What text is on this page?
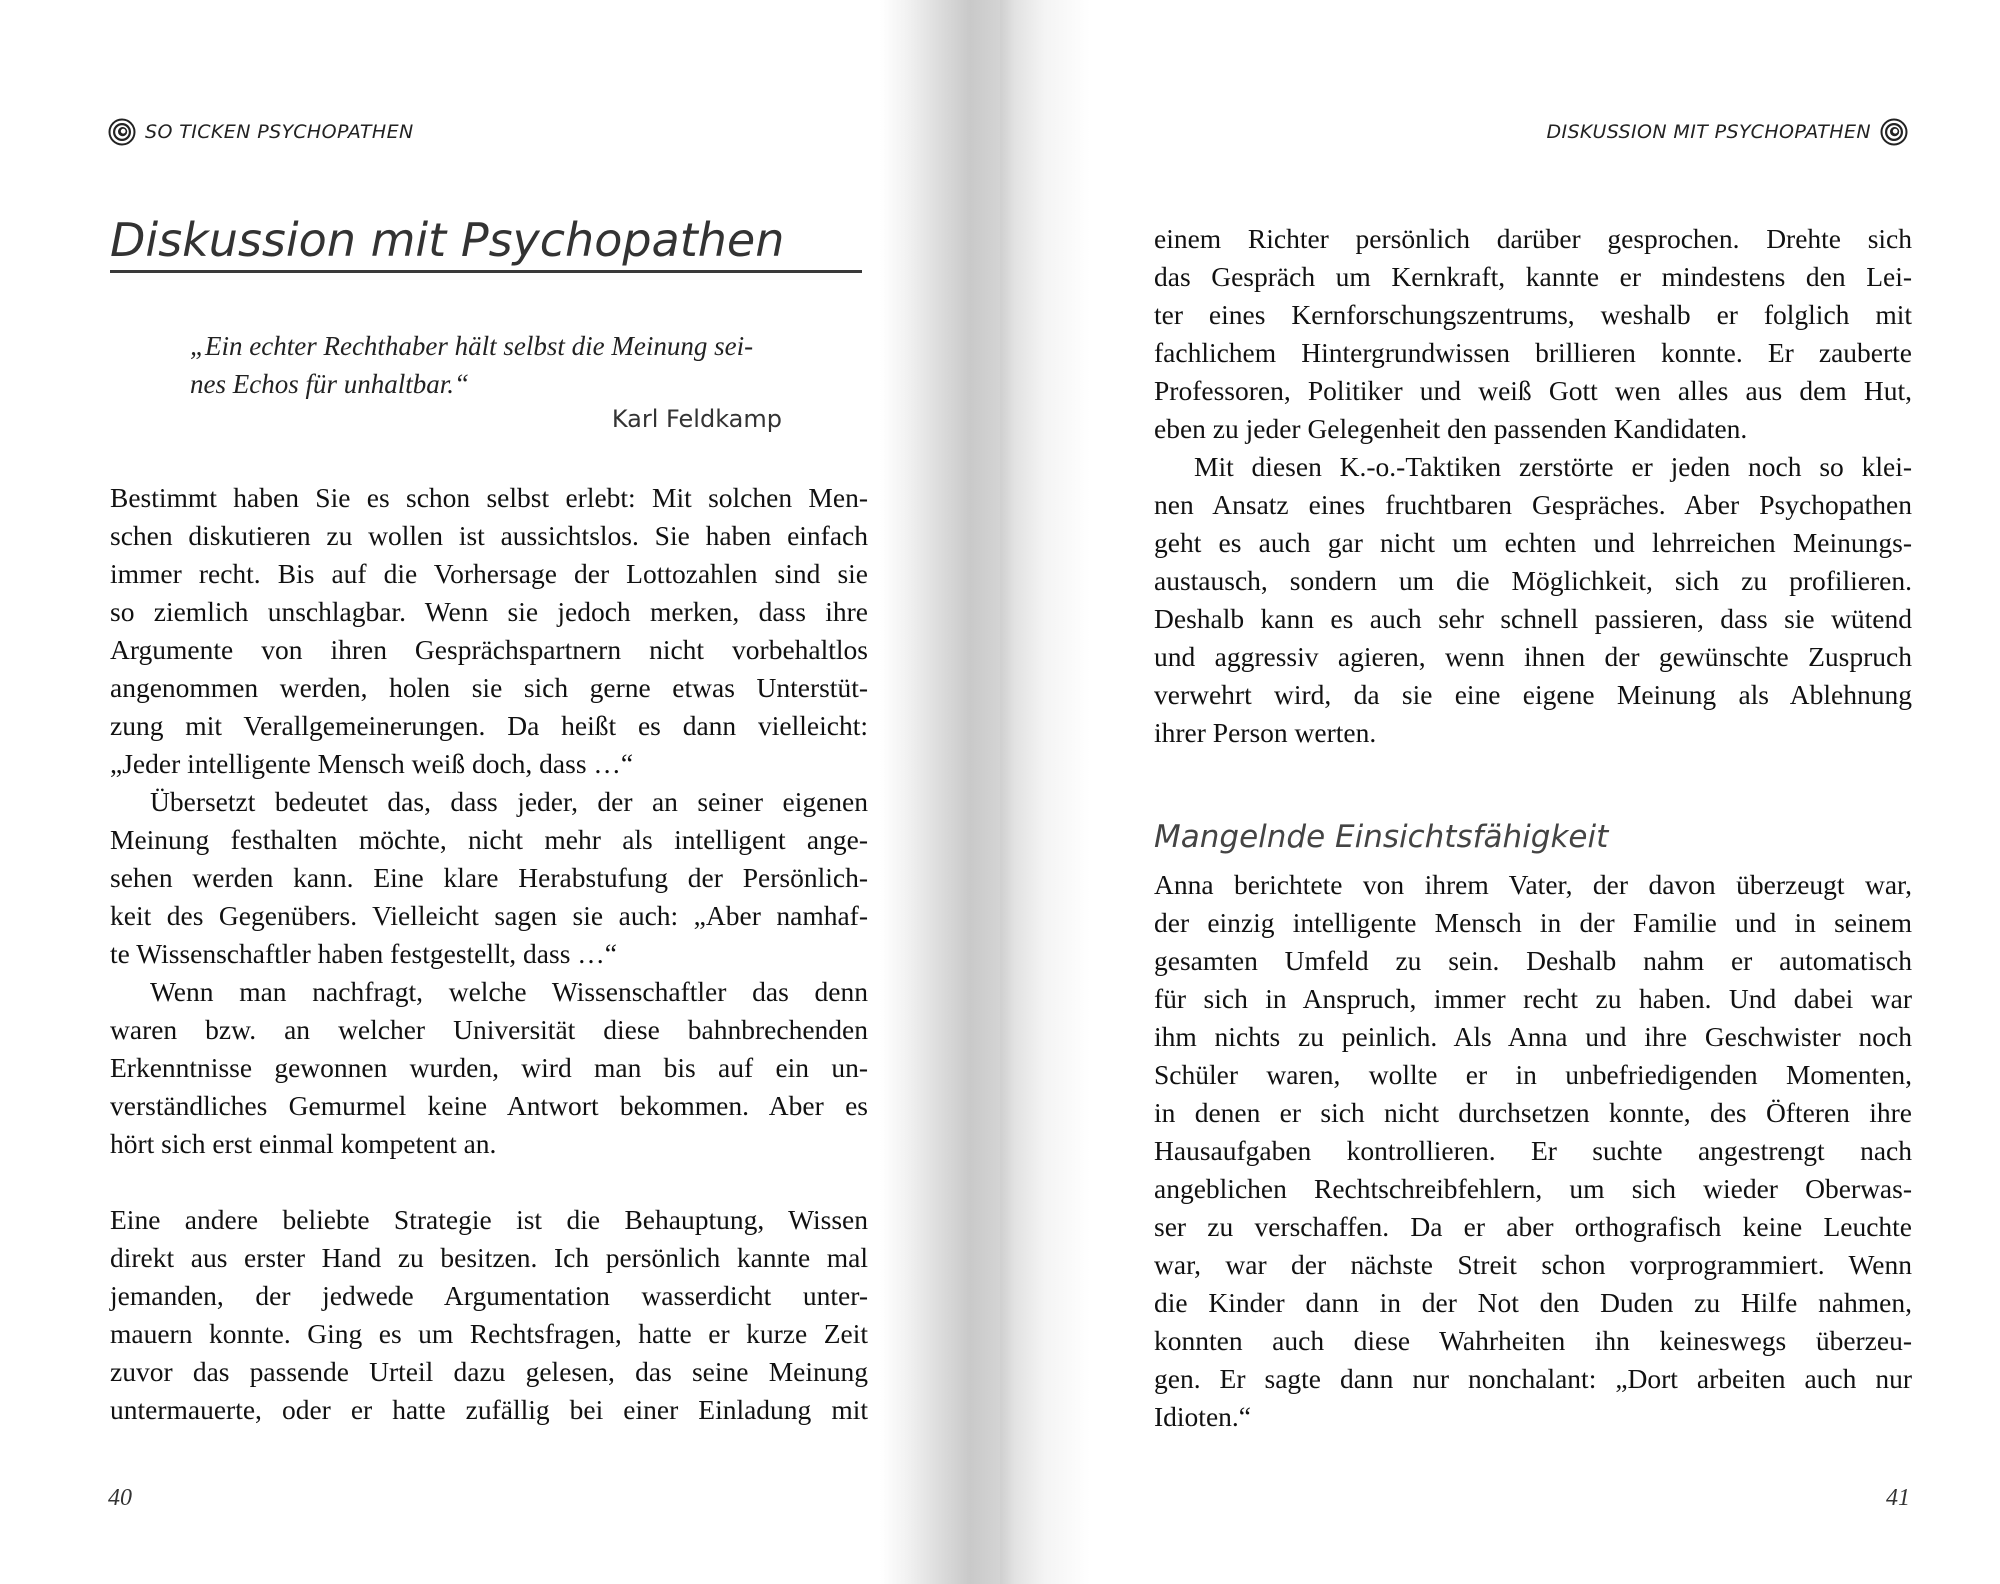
SO TICKEN PSYCHOPATHEN
Diskussion mit Psychopathen

„Ein echter Rechthaber hält selbst die Meinung sei-

nes Echos für unhaltbar.“

Karl Feldkamp
Bestimmt haben Sie es schon selbst erlebt: Mit solchen Men-
schen diskutieren zu wollen ist aussichtslos. Sie haben einfach
immer recht. Bis auf die Vorhersage der Lottozahlen sind sie
so ziemlich unschlagbar. Wenn sie jedoch merken, dass ihre
Argumente von ihren Gesprächspartnern nicht vorbehaltlos
angenommen werden, holen sie sich gerne etwas Unterstüt-
zung mit Verallgemeinerungen. Da heißt es dann vielleicht:
„Jeder intelligente Mensch weiß doch, dass …“
Übersetzt bedeutet das, dass jeder, der an seiner eigenen
Meinung festhalten möchte, nicht mehr als intelligent ange-
sehen werden kann. Eine klare Herabstufung der Persönlich-
keit des Gegenübers. Vielleicht sagen sie auch: „Aber namhaf-
te Wissenschaftler haben festgestellt, dass …“
Wenn man nachfragt, welche Wissenschaftler das denn
waren bzw. an welcher Universität diese bahnbrechenden
Erkenntnisse gewonnen wurden, wird man bis auf ein un-
verständliches Gemurmel keine Antwort bekommen. Aber es
hört sich erst einmal kompetent an.
Eine andere beliebte Strategie ist die Behauptung, Wissen
direkt aus erster Hand zu besitzen. Ich persönlich kannte mal
jemanden, der jedwede Argumentation wasserdicht unter-
mauern konnte. Ging es um Rechtsfragen, hatte er kurze Zeit
zuvor das passende Urteil dazu gelesen, das seine Meinung
untermauerte, oder er hatte zufällig bei einer Einladung mit
40
DISKUSSION MIT PSYCHOPATHEN
einem Richter persönlich darüber gesprochen. Drehte sich
das Gespräch um Kernkraft, kannte er mindestens den Lei-
ter eines Kernforschungszentrums, weshalb er folglich mit
fachlichem Hintergrundwissen brillieren konnte. Er zauberte
Professoren, Politiker und weiß Gott wen alles aus dem Hut,
eben zu jeder Gelegenheit den passenden Kandidaten.
Mit diesen K.-o.-Taktiken zerstörte er jeden noch so klei-
nen Ansatz eines fruchtbaren Gespräches. Aber Psychopathen
geht es auch gar nicht um echten und lehrreichen Meinungs-
austausch, sondern um die Möglichkeit, sich zu profilieren.
Deshalb kann es auch sehr schnell passieren, dass sie wütend
und aggressiv agieren, wenn ihnen der gewünschte Zuspruch
verwehrt wird, da sie eine eigene Meinung als Ablehnung
ihrer Person werten.
Mangelnde Einsichtsfähigkeit
Anna berichtete von ihrem Vater, der davon überzeugt war,
der einzig intelligente Mensch in der Familie und in seinem
gesamten Umfeld zu sein. Deshalb nahm er automatisch
für sich in Anspruch, immer recht zu haben. Und dabei war
ihm nichts zu peinlich. Als Anna und ihre Geschwister noch
Schüler waren, wollte er in unbefriedigenden Momenten,
in denen er sich nicht durchsetzen konnte, des Öfteren ihre
Hausaufgaben kontrollieren. Er suchte angestrengt nach
angeblichen Rechtschreibfehlern, um sich wieder Oberwas-
ser zu verschaffen. Da er aber orthografisch keine Leuchte
war, war der nächste Streit schon vorprogrammiert. Wenn
die Kinder dann in der Not den Duden zu Hilfe nahmen,
konnten auch diese Wahrheiten ihn keineswegs überzeu-
gen. Er sagte dann nur nonchalant: „Dort arbeiten auch nur
Idioten.“
41
